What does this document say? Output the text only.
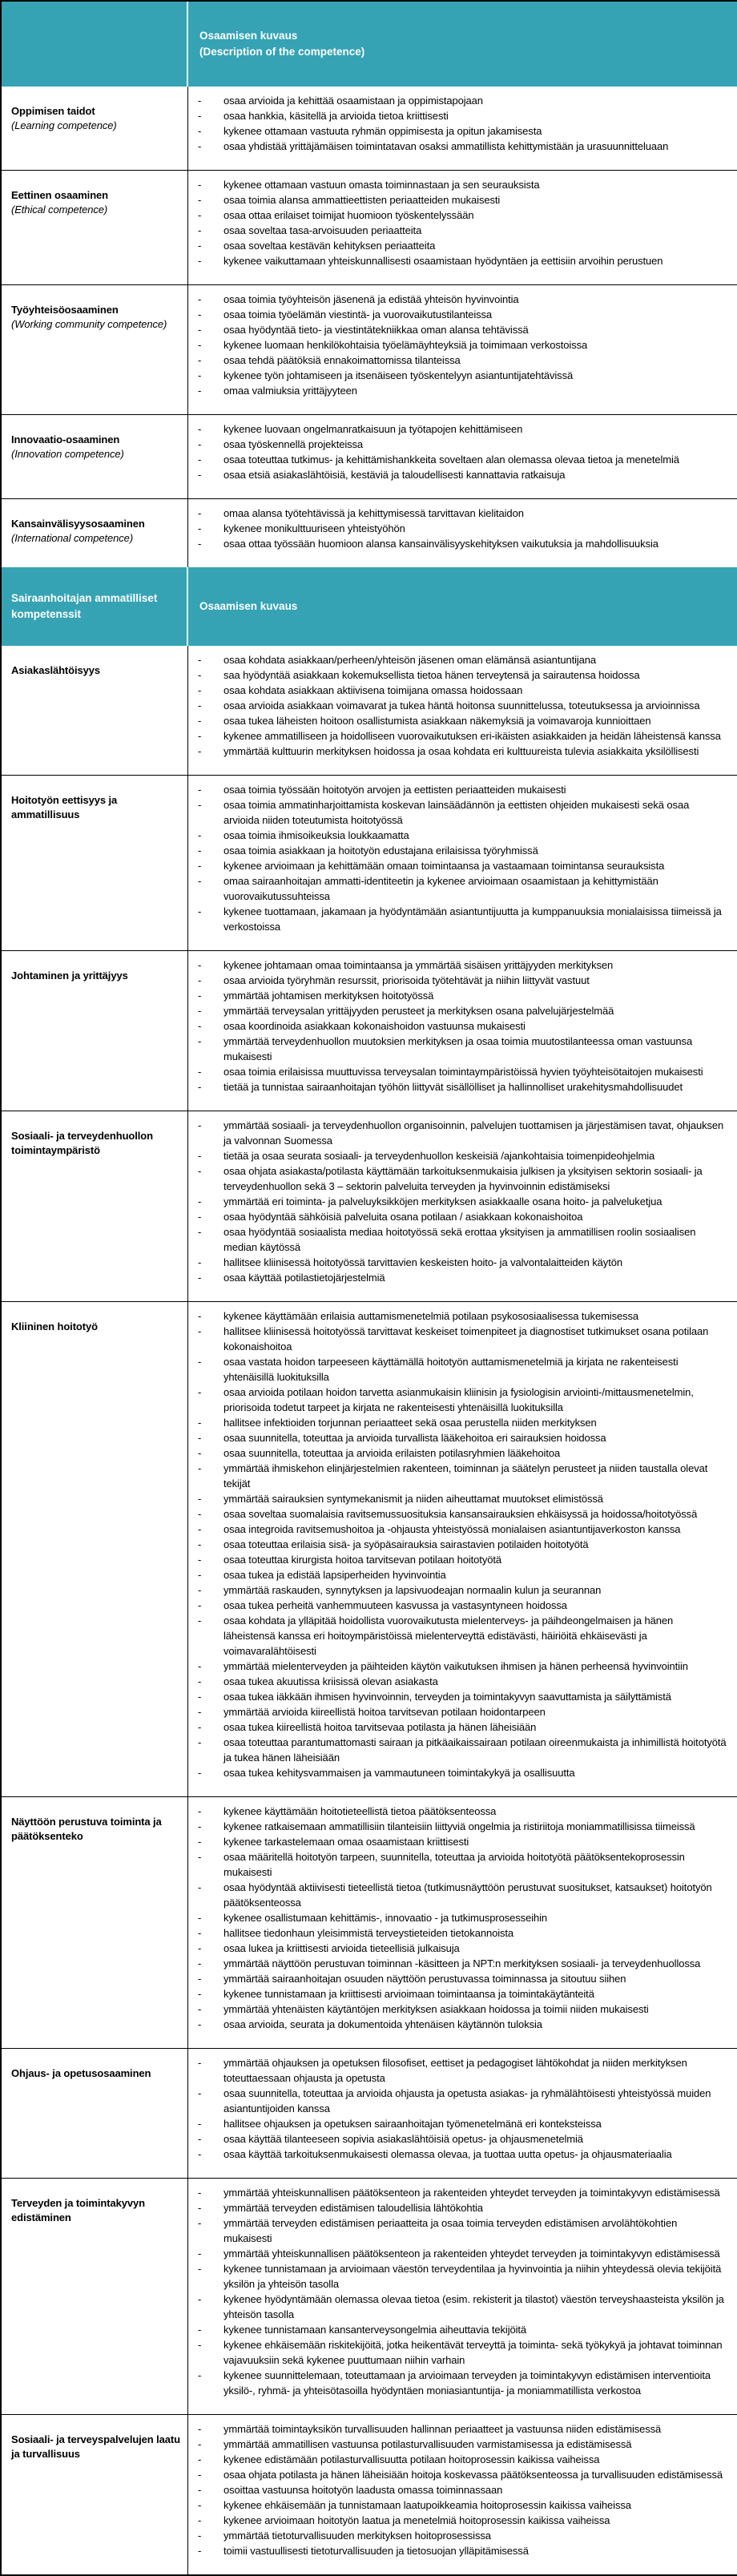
	Osaamisen kuvaus
(Description of the competence)

Oppimisen taidot
(Learning competence)

-	osaa arvioida ja kehittää osaamistaan ja oppimistapojaan
-	osaa hankkia, käsitellä ja arvioida tietoa kriittisesti
-	kykenee ottamaan vastuuta ryhmän oppimisesta ja opitun jakamisesta
-	osaa yhdistää yrittäjämäisen toimintatavan osaksi ammatillista kehittymistään ja urasuunnitteluaan

Eettinen osaaminen
(Ethical competence)

-	kykenee ottamaan vastuun omasta toiminnastaan ja sen seurauksista
-	osaa toimia alansa ammattieettisten periaatteiden mukaisesti
-	osaa ottaa erilaiset toimijat huomioon työskentelyssään
-	osaa soveltaa tasa-arvoisuuden periaatteita
-	osaa soveltaa kestävän kehityksen periaatteita
-	kykenee vaikuttamaan yhteiskunnallisesti osaamistaan hyödyntäen ja eettisiin arvoihin perustuen

Työyhteisöosaaminen
(Working community competence)

-	osaa toimia työyhteisön jäsenenä ja edistää yhteisön hyvinvointia
-	osaa toimia työelämän viestintä- ja vuorovaikutustilanteissa
-	osaa hyödyntää tieto- ja viestintätekniikkaa oman alansa tehtävissä
-	kykenee luomaan henkilökohtaisia työelämäyhteyksiä ja toimimaan verkostoissa
-	osaa tehdä päätöksiä ennakoimattomissa tilanteissa
-	kykenee työn johtamiseen ja itsenäiseen työskentelyyn asiantuntijatehtävissä
-	omaa valmiuksia yrittäjyyteen

Innovaatio-osaaminen
(Innovation competence)

-	kykenee luovaan ongelmanratkaisuun ja työtapojen kehittämiseen
-	osaa työskennellä projekteissa
-	osaa toteuttaa tutkimus- ja kehittämishankkeita soveltaen alan olemassa olevaa tietoa ja menetelmiä
-	osaa etsiä asiakaslähtöisiä, kestäviä ja taloudellisesti kannattavia ratkaisuja

Kansainvälisyysosaaminen
(International competence)

-	omaa alansa työtehtävissä ja kehittymisessä tarvittavan kielitaidon
-	kykenee monikulttuuriseen yhteistyöhön
-	osaa ottaa työssään huomioon alansa kansainvälisyyskehityksen vaikutuksia ja mahdollisuuksia

Sairaanhoitajan ammatilliset kompetenssit	Osaamisen kuvaus

Asiakaslähtöisyys

-	osaa kohdata asiakkaan/perheen/yhteisön jäsenen oman elämänsä asiantuntijana
-	saa hyödyntää asiakkaan kokemuksellista tietoa hänen terveytensä ja sairautensa hoidossa
-	osaa kohdata asiakkaan aktiivisena toimijana omassa hoidossaan
-	osaa arvioida asiakkaan voimavarat ja tukea häntä hoitonsa suunnittelussa, toteutuksessa ja arvioinnissa
-	osaa tukea läheisten hoitoon osallistumista asiakkaan näkemyksiä ja voimavaroja kunnioittaen
-	kykenee ammatilliseen ja hoidolliseen vuorovaikutuksen eri-ikäisten asiakkaiden ja heidän läheistensä kanssa
-	ymmärtää kulttuurin merkityksen hoidossa ja osaa kohdata eri kulttuureista tulevia asiakkaita yksilöllisesti

Hoitotyön eettisyys ja ammatillisuus

-	osaa toimia työssään hoitotyön arvojen ja eettisten periaatteiden mukaisesti
-	osaa toimia ammatinharjoittamista koskevan lainsäädännön ja eettisten ohjeiden mukaisesti sekä osaa arvioida niiden toteutumista hoitotyössä
-	osaa toimia ihmisoikeuksia loukkaamatta
-	osaa toimia asiakkaan ja hoitotyön edustajana erilaisissa työryhmissä
-	kykenee arvioimaan ja kehittämään omaan toimintaansa ja vastaamaan toimintansa seurauksista
-	omaa sairaanhoitajan ammatti-identiteetin ja kykenee arvioimaan osaamistaan ja kehittymistään vuorovaikutussuhteissa
-	kykenee tuottamaan, jakamaan ja hyödyntämään asiantuntijuutta ja kumppanuuksia monialaisissa tiimeissä ja verkostoissa

Johtaminen ja yrittäjyys

-	kykenee johtamaan omaa toimintaansa ja ymmärtää sisäisen yrittäjyyden merkityksen
-	osaa arvioida työryhmän resurssit, priorisoida työtehtävät ja niihin liittyvät vastuut
-	ymmärtää johtamisen merkityksen hoitotyössä
-	ymmärtää terveysalan yrittäjyyden perusteet ja merkityksen osana palvelujärjestelmää
-	osaa koordinoida asiakkaan kokonaishoidon vastuunsa mukaisesti
-	ymmärtää terveydenhuollon muutoksien merkityksen ja osaa toimia muutostilanteessa oman vastuunsa mukaisesti
-	osaa toimia erilaisissa muuttuvissa terveysalan toimintaympäristöissä hyvien työyhteisötaitojen mukaisesti
-	tietää ja tunnistaa sairaanhoitajan työhön liittyvät sisällölliset ja hallinnolliset urakehitysmahdollisuudet

Sosiaali- ja terveydenhuollon toimintaympäristö

-	ymmärtää sosiaali- ja terveydenhuollon organisoinnin, palvelujen tuottamisen ja järjestämisen tavat, ohjauksen ja valvonnan Suomessa
-	tietää ja osaa seurata sosiaali- ja terveydenhuollon keskeisiä /ajankohtaisia toimenpideohjelmia
-	osaa ohjata asiakasta/potilasta käyttämään tarkoituksenmukaisia julkisen ja yksityisen sektorin sosiaali- ja terveydenhuollon sekä 3 – sektorin palveluita terveyden ja hyvinvoinnin edistämiseksi
-	ymmärtää eri toiminta- ja palveluyksikköjen merkityksen asiakkaalle osana hoito- ja palveluketjua
-	osaa hyödyntää sähköisiä palveluita osana potilaan / asiakkaan kokonaishoitoa
-	osaa hyödyntää sosiaalista mediaa hoitotyössä sekä erottaa yksityisen ja ammatillisen roolin sosiaalisen median käytössä
-	hallitsee kliinisessä hoitotyössä tarvittavien keskeisten hoito- ja valvontalaitteiden käytön
-	osaa käyttää potilastietojärjestelmiä

Kliininen hoitotyö

-	kykenee käyttämään erilaisia auttamismenetelmiä potilaan psykososiaalisessa tukemisessa
-	hallitsee kliinisessä hoitotyössä tarvittavat keskeiset toimenpiteet ja diagnostiset tutkimukset osana potilaan kokonaishoitoa
-	osaa vastata hoidon tarpeeseen käyttämällä hoitotyön auttamismenetelmiä ja kirjata ne rakenteisesti yhtenäisillä luokituksilla
-	osaa arvioida potilaan hoidon tarvetta asianmukaisin kliinisin ja fysiologisin arviointi-/mittausmenetelmin, priorisoida todetut tarpeet ja kirjata ne rakenteisesti yhtenäisillä luokituksilla
-	hallitsee infektioiden torjunnan periaatteet sekä osaa perustella niiden merkityksen
-	osaa suunnitella, toteuttaa ja arvioida turvallista lääkehoitoa eri sairauksien hoidossa
-	osaa suunnitella, toteuttaa ja arvioida erilaisten potilasryhmien lääkehoitoa
-	ymmärtää ihmiskehon elinjärjestelmien rakenteen, toiminnan ja säätelyn perusteet ja niiden taustalla olevat tekijät
-	ymmärtää sairauksien syntymekanismit ja niiden aiheuttamat muutokset elimistössä
-	osaa soveltaa suomalaisia ravitsemussuosituksia kansansairauksien ehkäisyssä ja hoidossa/hoitotyössä
-	osaa integroida ravitsemushoitoa ja -ohjausta yhteistyössä monialaisen asiantuntijaverkoston kanssa
-	osaa toteuttaa erilaisia sisä- ja syöpäsairauksia sairastavien potilaiden hoitotyötä
-	osaa toteuttaa kirurgista hoitoa tarvitsevan potilaan hoitotyötä
-	osaa tukea ja edistää lapsiperheiden hyvinvointia
-	ymmärtää raskauden, synnytyksen ja lapsivuodeajan normaalin kulun ja seurannan
-	osaa tukea perheitä vanhemmuuteen kasvussa ja vastasyntyneen hoidossa
-	osaa kohdata ja ylläpitää hoidollista vuorovaikutusta mielenterveys- ja päihdeongelmaisen ja hänen läheistensä kanssa eri hoitoympäristöissä mielenterveyttä edistävästi, häiriöitä ehkäisevästi ja voimavaralähtöisesti
-	ymmärtää mielenterveyden ja päihteiden käytön vaikutuksen ihmisen ja hänen perheensä hyvinvointiin
-	osaa tukea akuutissa kriisissä olevan asiakasta
-	osaa tukea iäkkään ihmisen hyvinvoinnin, terveyden ja toimintakyvyn saavuttamista ja säilyttämistä
-	ymmärtää arvioida kiireellistä hoitoa tarvitsevan potilaan hoidontarpeen
-	osaa tukea kiireellistä hoitoa tarvitsevaa potilasta ja hänen läheisiään
-	osaa toteuttaa parantumattomasti sairaan ja pitkäaikaissairaan potilaan oireenmukaista ja inhimillistä hoitotyötä ja tukea hänen läheisiään
-	osaa tukea kehitysvammaisen ja vammautuneen toimintakykyä ja osallisuutta

Näyttöön perustuva toiminta ja päätöksenteko

-	kykenee käyttämään hoitotieteellistä tietoa päätöksenteossa
-	kykenee ratkaisemaan ammatillisiin tilanteisiin liittyviä ongelmia ja ristiriitoja moniammatillisissa tiimeissä
-	kykenee tarkastelemaan omaa osaamistaan kriittisesti
-	osaa määritellä hoitotyön tarpeen, suunnitella, toteuttaa ja arvioida hoitotyötä päätöksentekoprosessin mukaisesti
-	osaa hyödyntää aktiivisesti tieteellistä tietoa (tutkimusnäyttöön perustuvat suositukset, katsaukset) hoitotyön päätöksenteossa
-	kykenee osallistumaan kehittämis-, innovaatio - ja tutkimusprosesseihin
-	hallitsee tiedonhaun yleisimmistä terveystieteiden tietokannoista
-	osaa lukea ja kriittisesti arvioida tieteellisiä julkaisuja
-	ymmärtää näyttöön perustuvan toiminnan -käsitteen ja NPT:n merkityksen sosiaali- ja terveydenhuollossa
-	ymmärtää sairaanhoitajan osuuden näyttöön perustuvassa toiminnassa ja sitoutuu siihen
-	kykenee tunnistamaan ja kriittisesti arvioimaan toimintaansa ja toimintakäytänteitä
-	ymmärtää yhtenäisten käytäntöjen merkityksen asiakkaan hoidossa ja toimii niiden mukaisesti
-	osaa arvioida, seurata ja dokumentoida yhtenäisen käytännön tuloksia

Ohjaus- ja opetusosaaminen

-	ymmärtää ohjauksen ja opetuksen filosofiset, eettiset ja pedagogiset lähtökohdat ja niiden merkityksen toteuttaessaan ohjausta ja opetusta
-	osaa suunnitella, toteuttaa ja arvioida ohjausta ja opetusta asiakas- ja ryhmälähtöisesti yhteistyössä muiden asiantuntijoiden kanssa
-	hallitsee ohjauksen ja opetuksen sairaanhoitajan työmenetelmänä eri konteksteissa
-	osaa käyttää tilanteeseen sopivia asiakaslähtöisiä opetus- ja ohjausmenetelmiä
-	osaa käyttää tarkoituksenmukaisesti olemassa olevaa, ja tuottaa uutta opetus- ja ohjausmateriaalia

Terveyden ja toimintakyvyn edistäminen

-	ymmärtää yhteiskunnallisen päätöksenteon ja rakenteiden yhteydet terveyden ja toimintakyvyn edistämisessä
-	ymmärtää terveyden edistämisen taloudellisia lähtökohtia
-	ymmärtää terveyden edistämisen periaatteita ja osaa toimia terveyden edistämisen arvolähtökohtien mukaisesti
-	ymmärtää yhteiskunnallisen päätöksenteon ja rakenteiden yhteydet terveyden ja toimintakyvyn edistämisessä
-	kykenee tunnistamaan ja arvioimaan väestön terveydentilaa ja hyvinvointia ja niihin yhteydessä olevia tekijöitä yksilön ja yhteisön tasolla
-	kykenee hyödyntämään olemassa olevaa tietoa (esim. rekisterit ja tilastot) väestön terveyshaasteista yksilön ja yhteisön tasolla
-	kykenee tunnistamaan kansanterveysongelmia aiheuttavia tekijöitä
-	kykenee ehkäisemään riskitekijöitä, jotka heikentävät terveyttä ja toiminta- sekä työkykyä ja johtavat toiminnan vajavuuksiin sekä kykenee puuttumaan niihin varhain
-	kykenee suunnittelemaan, toteuttamaan ja arvioimaan terveyden ja toimintakyvyn edistämisen interventioita yksilö-, ryhmä- ja yhteisötasoilla hyödyntäen moniasiantuntija- ja moniammatillista verkostoa

Sosiaali- ja terveyspalvelujen laatu ja turvallisuus

-	ymmärtää toimintayksikön turvallisuuden hallinnan periaatteet ja vastuunsa niiden edistämisessä
-	ymmärtää ammatillisen vastuunsa potilasturvallisuuden varmistamisessa ja edistämisessä
-	kykenee edistämään potilasturvallisuutta potilaan hoitoprosessin kaikissa vaiheissa
-	osaa ohjata potilasta ja hänen läheisiään hoitoja koskevassa päätöksenteossa ja turvallisuuden edistämisessä
-	osoittaa vastuunsa hoitotyön laadusta omassa toiminnassaan
-	kykenee ehkäisemään ja tunnistamaan laatupoikkeamia hoitoprosessin kaikissa vaiheissa
-	kykenee arvioimaan hoitotyön laatua ja menetelmiä hoitoprosessin kaikissa vaiheissa
-	ymmärtää tietoturvallisuuden merkityksen hoitoprosessissa
-	toimii vastuullisesti tietoturvallisuuden ja tietosuojan ylläpitämisessä
